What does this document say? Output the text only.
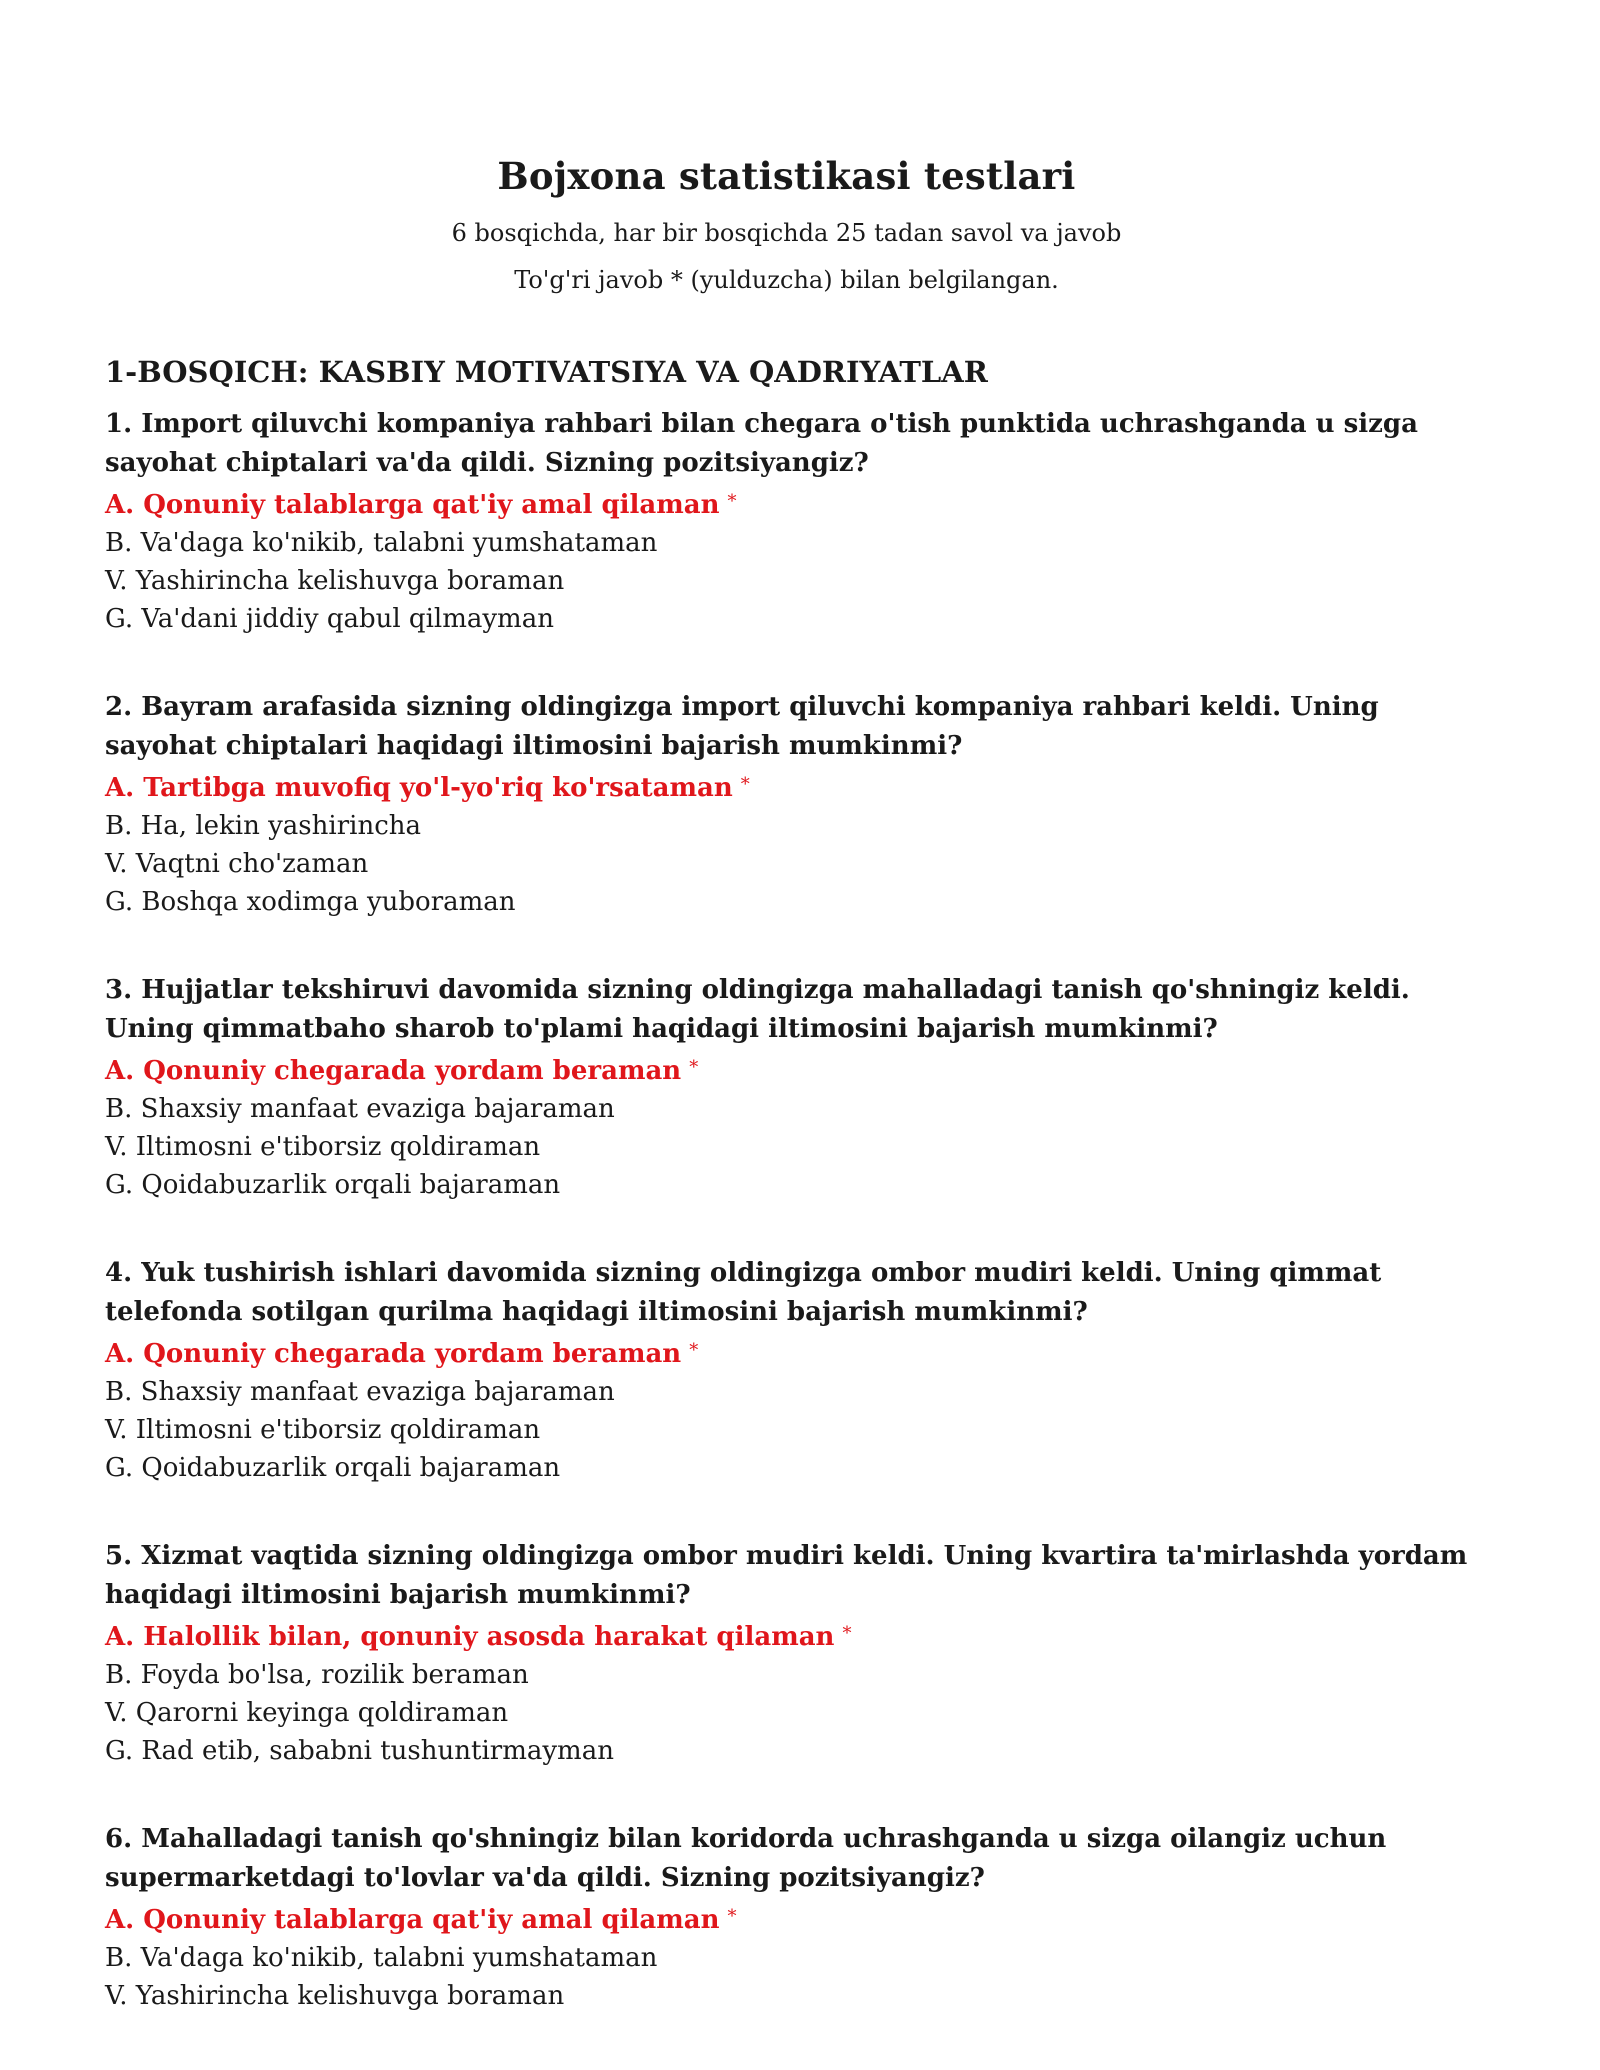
Bojxona statistikasi testlari

6 bosqichda, har bir bosqichda 25 tadan savol va javob

To'g'ri javob * (yulduzcha) bilan belgilangan.

1-BOSQICH: KASBIY MOTIVATSIYA VA QADRIYATLAR

1. Import qiluvchi kompaniya rahbari bilan chegara o'tish punktida uchrashganda u sizga sayohat chiptalari va'da qildi. Sizning pozitsiyangiz?

A. Qonuniy talablarga qat'iy amal qilaman *

B. Va'daga ko'nikib, talabni yumshataman

V. Yashirincha kelishuvga boraman

G. Va'dani jiddiy qabul qilmayman

2. Bayram arafasida sizning oldingizga import qiluvchi kompaniya rahbari keldi. Uning sayohat chiptalari haqidagi iltimosini bajarish mumkinmi?

A. Tartibga muvofiq yo'l-yo'riq ko'rsataman *

B. Ha, lekin yashirincha

V. Vaqtni cho'zaman

G. Boshqa xodimga yuboraman

3. Hujjatlar tekshiruvi davomida sizning oldingizga mahalladagi tanish qo'shningiz keldi. Uning qimmatbaho sharob to'plami haqidagi iltimosini bajarish mumkinmi?

A. Qonuniy chegarada yordam beraman *

B. Shaxsiy manfaat evaziga bajaraman

V. Iltimosni e'tiborsiz qoldiraman

G. Qoidabuzarlik orqali bajaraman

4. Yuk tushirish ishlari davomida sizning oldingizga ombor mudiri keldi. Uning qimmat telefonda sotilgan qurilma haqidagi iltimosini bajarish mumkinmi?

A. Qonuniy chegarada yordam beraman *

B. Shaxsiy manfaat evaziga bajaraman

V. Iltimosni e'tiborsiz qoldiraman

G. Qoidabuzarlik orqali bajaraman

5. Xizmat vaqtida sizning oldingizga ombor mudiri keldi. Uning kvartira ta'mirlashda yordam haqidagi iltimosini bajarish mumkinmi?

A. Halollik bilan, qonuniy asosda harakat qilaman *

B. Foyda bo'lsa, rozilik beraman

V. Qarorni keyinga qoldiraman

G. Rad etib, sababni tushuntirmayman

6. Mahalladagi tanish qo'shningiz bilan koridorda uchrashganda u sizga oilangiz uchun supermarketdagi to'lovlar va'da qildi. Sizning pozitsiyangiz?

A. Qonuniy talablarga qat'iy amal qilaman *

B. Va'daga ko'nikib, talabni yumshataman

V. Yashirincha kelishuvga boraman
